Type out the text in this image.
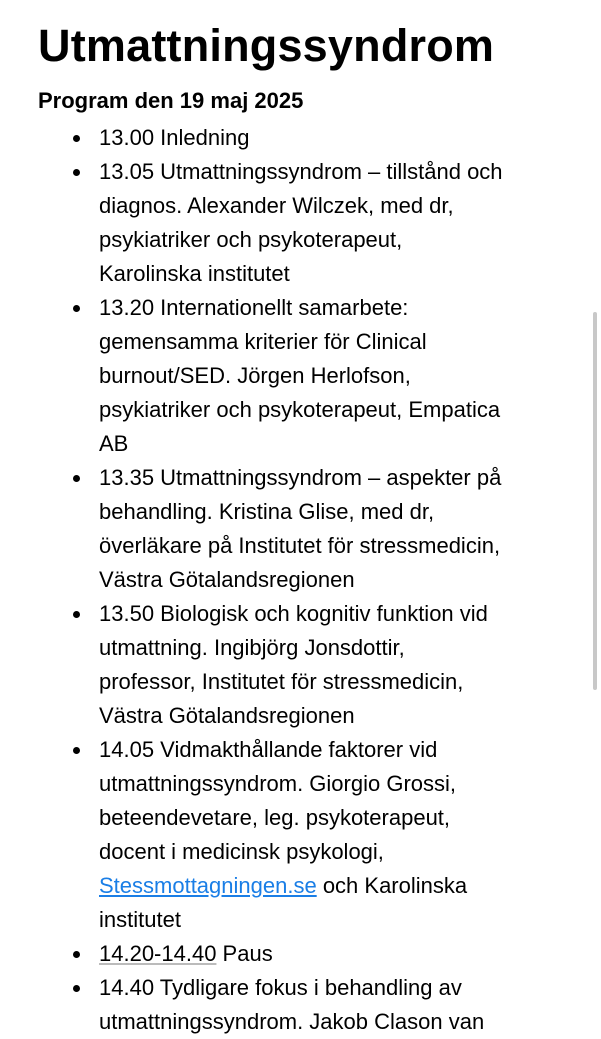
Utmattningssyndrom
Program den 19 maj 2025
13.00 Inledning
13.05 Utmattningssyndrom – tillstånd och
diagnos. Alexander Wilczek, med dr,
psykiatriker och psykoterapeut,
Karolinska institutet
13.20 Internationellt samarbete:
gemensamma kriterier för Clinical
burnout/SED. Jörgen Herlofson,
psykiatriker och psykoterapeut, Empatica
AB
13.35 Utmattningssyndrom – aspekter på
behandling. Kristina Glise, med dr,
överläkare på Institutet för stressmedicin,
Västra Götalandsregionen
13.50 Biologisk och kognitiv funktion vid
utmattning. Ingibjörg Jonsdottir,
professor, Institutet för stressmedicin,
Västra Götalandsregionen
14.05 Vidmakthållande faktorer vid
utmattningssyndrom. Giorgio Grossi,
beteendevetare, leg. psykoterapeut,
docent i medicinsk psykologi,
Stessmottagningen.se och Karolinska
institutet
14.20-14.40 Paus
14.40 Tydligare fokus i behandling av
utmattningssyndrom. Jakob Clason van
